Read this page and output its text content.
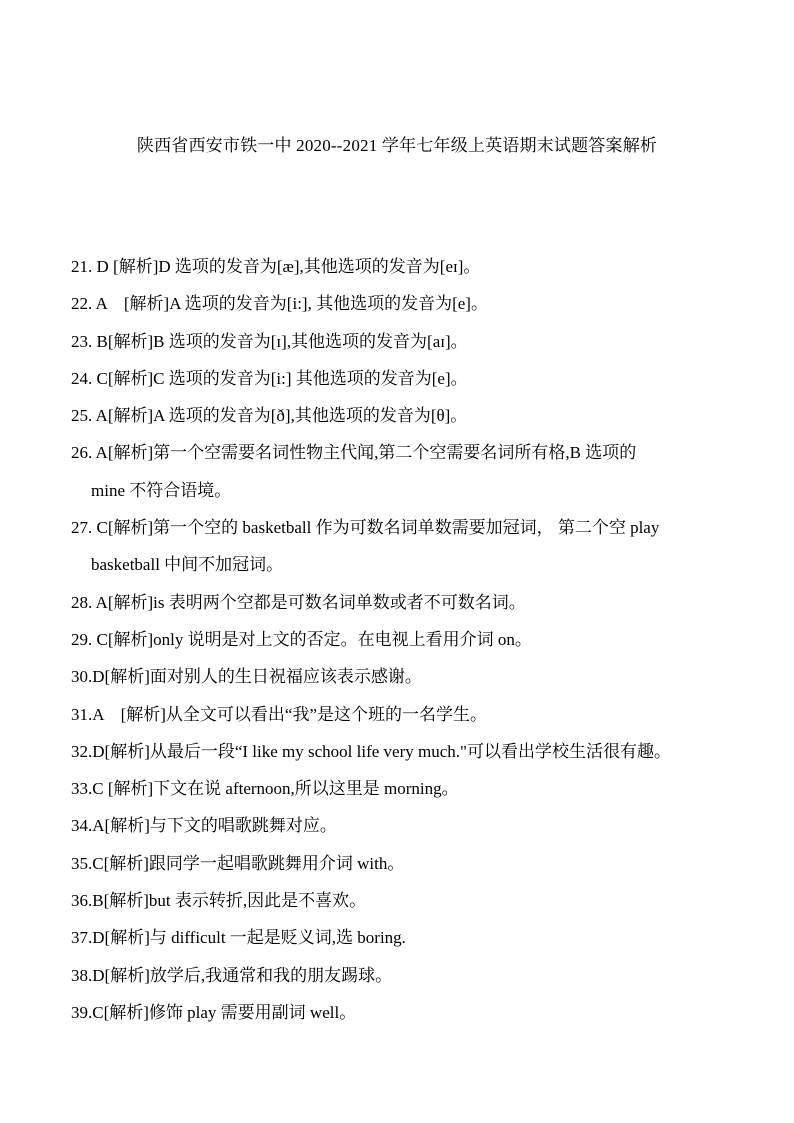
陕西省西安市铁一中 2020--2021 学年七年级上英语期末试题答案解析
21. D [解析]D 选项的发音为[æ],其他选项的发音为[eɪ]。
22. A　[解析]A 选项的发音为[i:], 其他选项的发音为[e]。
23. B[解析]B 选项的发音为[ɪ],其他选项的发音为[aɪ]。
24. C[解析]C 选项的发音为[i:] 其他选项的发音为[e]。
25. A[解析]A 选项的发音为[ð],其他选项的发音为[θ]。
26. A[解析]第一个空需要名词性物主代闻,第二个空需要名词所有格,B 选项的
mine 不符合语境。
27. C[解析]第一个空的 basketball 作为可数名词单数需要加冠词， 第二个空 play
basketball 中间不加冠词。
28. A[解析]is 表明两个空都是可数名词单数或者不可数名词。
29. C[解析]only 说明是对上文的否定。在电视上看用介词 on。
30.D[解析]面对别人的生日祝福应该表示感谢。
31.A　[解析]从全文可以看出“我”是这个班的一名学生。
32.D[解析]从最后一段“I like my school life very much."可以看出学校生活很有趣。
33.C [解析]下文在说 afternoon,所以这里是 morning。
34.A[解析]与下文的唱歌跳舞对应。
35.C[解析]跟同学一起唱歌跳舞用介词 with。
36.B[解析]but 表示转折,因此是不喜欢。
37.D[解析]与 difficult 一起是贬义词,选 boring.
38.D[解析]放学后,我通常和我的朋友踢球。
39.C[解析]修饰 play 需要用副词 well。
